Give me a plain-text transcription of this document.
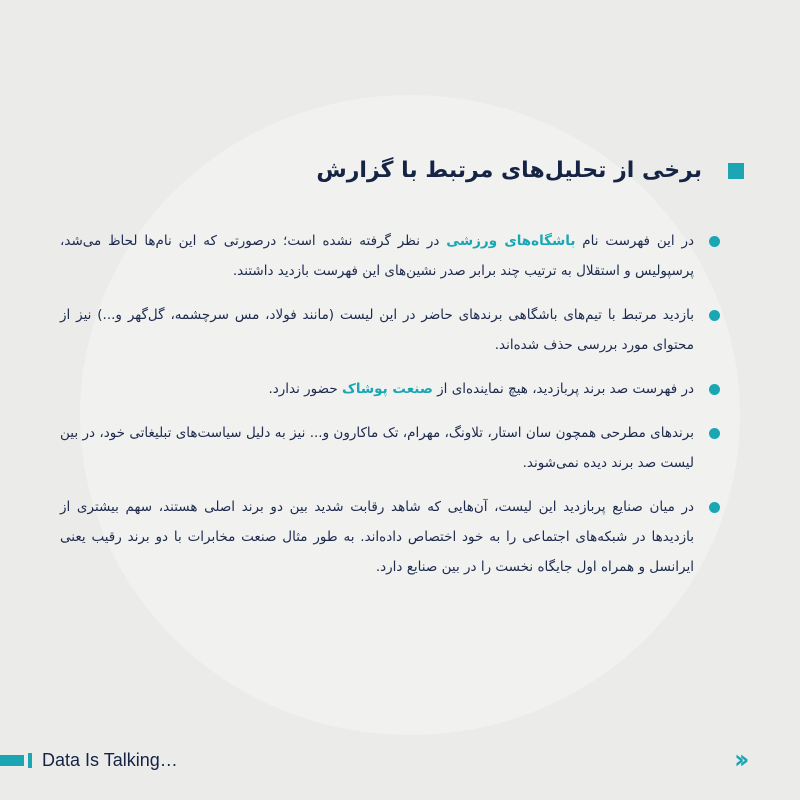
برخی از تحلیل‌های مرتبط با گزارش
در این فهرست نام باشگاه‌های ورزشی در نظر گرفته نشده است؛ درصورتی که این نام‌ها لحاظ می‌شد، پرسپولیس و استقلال به ترتیب چند برابر صدر نشین‌های این فهرست بازدید داشتند.
بازدید مرتبط با تیم‌های باشگاهی برندهای حاضر در این لیست (مانند فولاد، مس سرچشمه، گل‌گهر و...) نیز از محتوای مورد بررسی حذف شده‌اند.
در فهرست صد برند پربازدید، هیچ نماینده‌ای از صنعت پوشاک حضور ندارد.
برندهای مطرحی همچون سان استار، تلاونگ، مهرام، تک ماکارون و... نیز به دلیل سیاست‌های تبلیغاتی خود، در بین لیست صد برند دیده نمی‌شوند.
در میان صنایع پربازدید این لیست، آن‌هایی که شاهد رقابت شدید بین دو برند اصلی هستند، سهم بیشتری از بازدیدها در شبکه‌های اجتماعی را به خود اختصاص داده‌اند. به طور مثال صنعت مخابرات با دو برند رقیب یعنی ایرانسل و همراه اول جایگاه نخست را در بین صنایع دارد.
Data Is Talking…	››
